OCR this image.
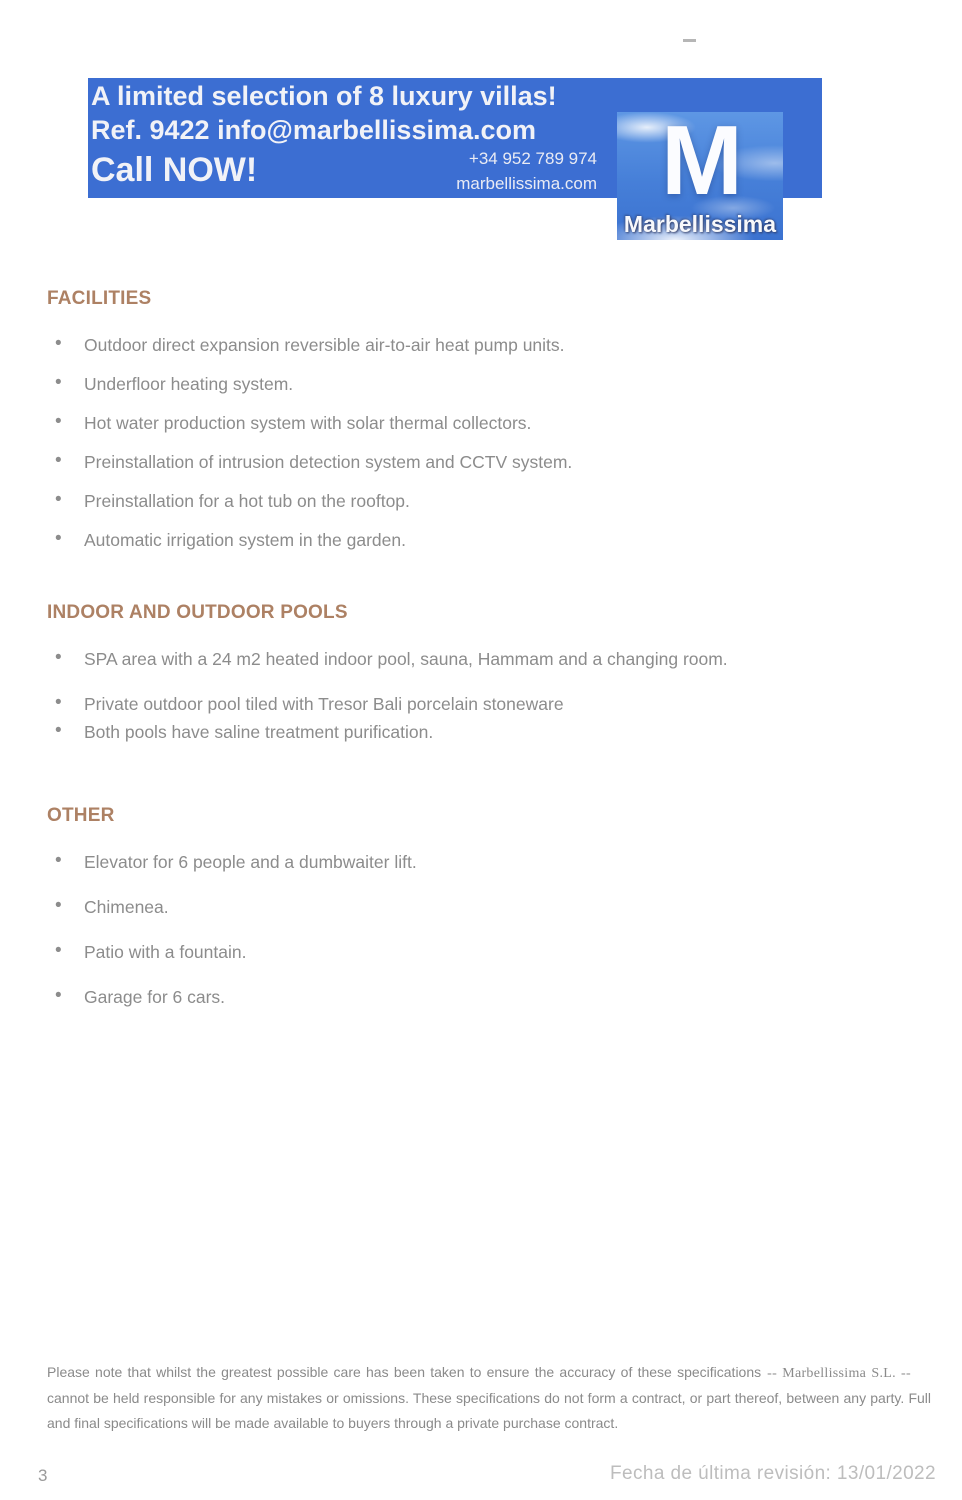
A limited selection of 8 luxury villas!
Ref. 9422 info@marbellissima.com
Call NOW!	+34 952 789 974
marbellissima.com M
Marbellissima
FACILITIES
• Outdoor direct expansion reversible air-to-air heat pump units.
• Underfloor heating system.
• Hot water production system with solar thermal collectors.
• Preinstallation of intrusion detection system and CCTV system.
• Preinstallation for a hot tub on the rooftop.
• Automatic irrigation system in the garden.
INDOOR AND OUTDOOR POOLS
• SPA area with a 24 m2 heated indoor pool, sauna, Hammam and a changing room.
• Private outdoor pool tiled with Tresor Bali porcelain stoneware
• Both pools have saline treatment purification.
OTHER
• Elevator for 6 people and a dumbwaiter lift.
• Chimenea.
• Patio with a fountain.
• Garage for 6 cars.
Please note that whilst the greatest possible care has been taken to ensure the accuracy of these specifications -- Marbellissima S.L. --cannot be held responsible for any mistakes or omissions. These specifications do not form a contract, or part thereof, between any party. Full and final specifications will be made available to buyers through a private purchase contract.
3	Fecha de última revisión: 13/01/2022
